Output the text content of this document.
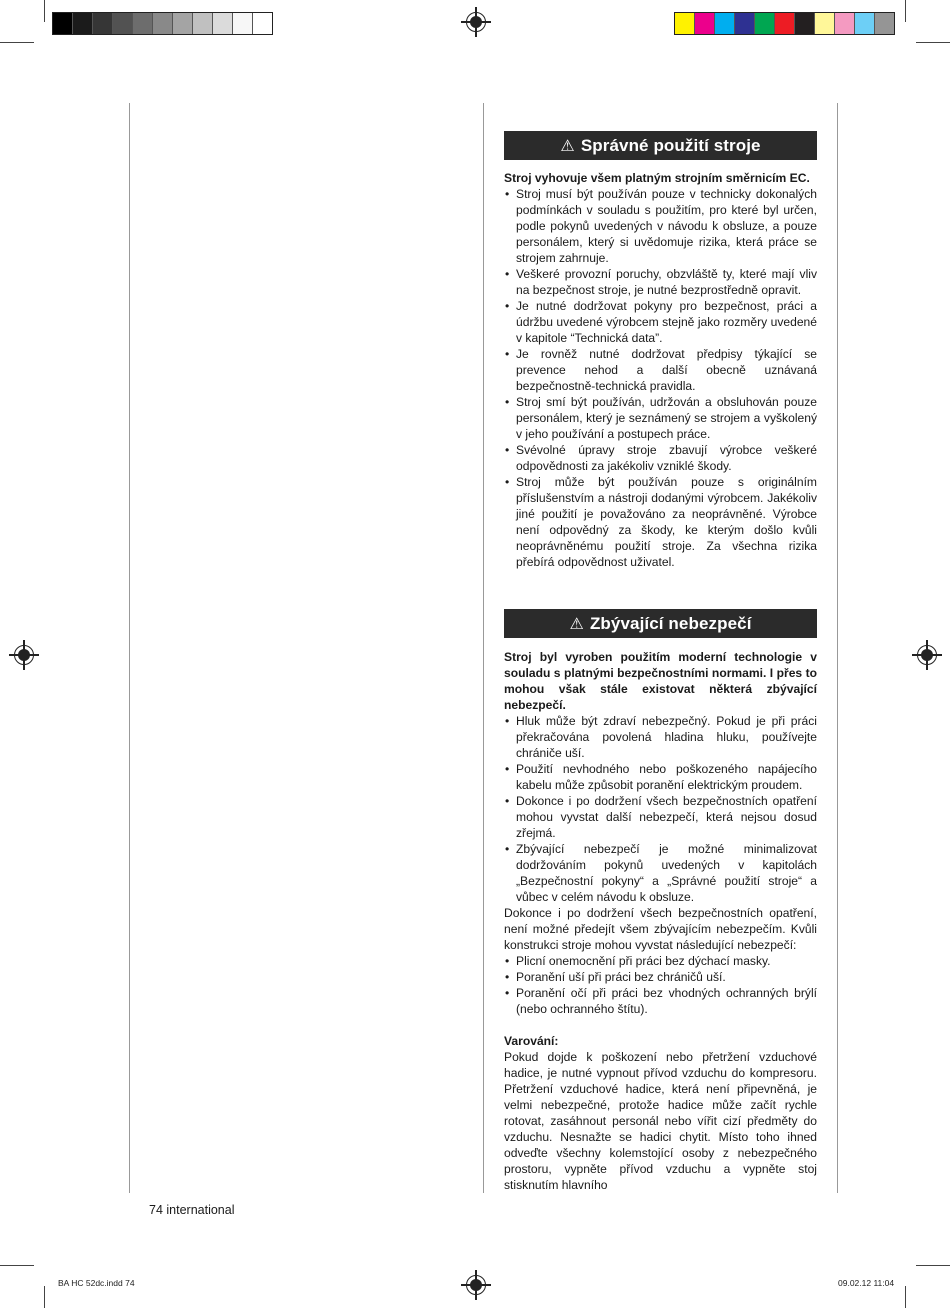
⚠ Správné použití stroje

Stroj vyhovuje všem platným strojním směrnicím EC.

• Stroj musí být používán pouze v technicky dokonalých podmínkách v souladu s použitím, pro které byl určen, podle pokynů uvedených v návodu k obsluze, a pouze personálem, který si uvědomuje rizika, která práce se strojem zahrnuje.
• Veškeré provozní poruchy, obzvláště ty, které mají vliv na bezpečnost stroje, je nutné bezprostředně opravit.
• Je nutné dodržovat pokyny pro bezpečnost, práci a údržbu uvedené výrobcem stejně jako rozměry uvedené v kapitole “Technická data”.
• Je rovněž nutné dodržovat předpisy týkající se prevence nehod a další obecně uznávaná bezpečnostně-technická pravidla.
• Stroj smí být používán, udržován a obsluhován pouze personálem, který je seznámený se strojem a vyškolený v jeho používání a postupech práce.
• Svévolné úpravy stroje zbavují výrobce veškeré odpovědnosti za jakékoliv vzniklé škody.
• Stroj může být používán pouze s originálním příslušenstvím a nástroji dodanými výrobcem. Jakékoliv jiné použití je považováno za neoprávněné. Výrobce není odpovědný za škody, ke kterým došlo kvůli neoprávněnému použití stroje. Za všechna rizika přebírá odpovědnost uživatel.
⚠ Zbývající nebezpečí

Stroj byl vyroben použitím moderní technologie v souladu s platnými bezpečnostními normami. I přes to mohou však stále existovat některá zbývající nebezpečí.

• Hluk může být zdraví nebezpečný. Pokud je při práci překračována povolená hladina hluku, používejte chrániče uší.
• Použití nevhodného nebo poškozeného napájecího kabelu může způsobit poranění elektrickým proudem.
• Dokonce i po dodržení všech bezpečnostních opatření mohou vyvstat další nebezpečí, která nejsou dosud zřejmá.
• Zbývající nebezpečí je možné minimalizovat dodržováním pokynů uvedených v kapitolách „Bezpečnostní pokyny“ a „Správné použití stroje“ a vůbec v celém návodu k obsluze.

Dokonce i po dodržení všech bezpečnostních opatření, není možné předejít všem zbývajícím nebezpečím. Kvůli konstrukci stroje mohou vyvstat následující nebezpečí:

• Plicní onemocnění při práci bez dýchací masky.
• Poranění uší při práci bez chráničů uší.
• Poranění očí při práci bez vhodných ochranných brýlí (nebo ochranného štítu).

Varování:

Pokud dojde k poškození nebo přetržení vzduchové hadice, je nutné vypnout přívod vzduchu do kompresoru. Přetržení vzduchové hadice, která není připevněná, je velmi nebezpečné, protože hadice může začít rychle rotovat, zasáhnout personál nebo vířit cizí předměty do vzduchu. Nesnažte se hadici chytit. Místo toho ihned odveďte všechny kolemstojící osoby z nebezpečného prostoru, vypněte přívod vzduchu a vypněte stoj stisknutím hlavního

74 international
BA HC 52dc.indd 74	09.02.12 11:04
